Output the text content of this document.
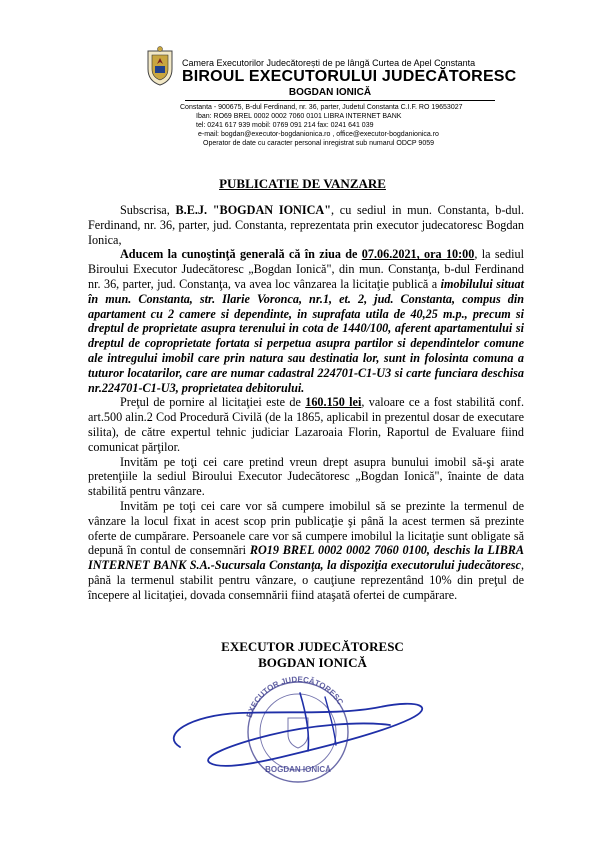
Camera Executorilor Judecătorești de pe lângă Curtea de Apel Constanta
BIROUL EXECUTORULUI JUDECĂTORESC
BOGDAN IONICĂ
Constanta - 900675, B-dul Ferdinand, nr. 36, parter, Judetul Constanta C.I.F. RO 19653027
Iban: RO69 BREL 0002 0002 7060 0101 LIBRA INTERNET BANK
tel: 0241 617 939 mobil: 0769 091 214 fax: 0241 641 039
e-mail: bogdan@executor-bogdanionica.ro , office@executor-bogdanionica.ro
Operator de date cu caracter personal inregistrat sub numarul ODCP 9059
PUBLICATIE DE VANZARE

Subscrisa, B.E.J. "BOGDAN IONICA", cu sediul in mun. Constanta, b-dul. Ferdinand, nr. 36, parter, jud. Constanta, reprezentata prin executor judecatoresc Bogdan Ionica,

Aducem la cunoştinţă generală că în ziua de 07.06.2021, ora 10:00, la sediul Biroului Executor Judecătoresc „Bogdan Ionică", din mun. Constanţa, b-dul Ferdinand nr. 36, parter, jud. Constanţa, va avea loc vânzarea la licitaţie publică a imobilului situat în mun. Constanta, str. Ilarie Voronca, nr.1, et. 2, jud. Constanta, compus din apartament cu 2 camere si dependinte, in suprafata utila de 40,25 m.p., precum si dreptul de proprietate asupra terenului in cota de 1440/100, aferent apartamentului si dreptul de coproprietate fortata si perpetua asupra partilor si dependintelor comune ale intregului imobil care prin natura sau destinatia lor, sunt in folosinta comuna a tuturor locatarilor, care are numar cadastral 224701-C1-U3 si carte funciara deschisa nr.224701-C1-U3, proprietatea debitorului.

Preţul de pornire al licitaţiei este de 160.150 lei, valoare ce a fost stabilită conf. art.500 alin.2 Cod Procedură Civilă (de la 1865, aplicabil in prezentul dosar de executare silita), de către expertul tehnic judiciar Lazaroaia Florin, Raportul de Evaluare fiind comunicat părţilor.

Invităm pe toţi cei care pretind vreun drept asupra bunului imobil să-şi arate pretenţiile la sediul Biroului Executor Judecătoresc „Bogdan Ionică", înainte de data stabilită pentru vânzare.

Invităm pe toţi cei care vor să cumpere imobilul să se prezinte la termenul de vânzare la locul fixat in acest scop prin publicaţie şi până la acest termen să prezinte oferte de cumpărare. Persoanele care vor să cumpere imobilul la licitaţie sunt obligate să depună în contul de consemnări RO19 BREL 0002 0002 7060 0100, deschis la LIBRA INTERNET BANK S.A.-Sucursala Constanţa, la dispoziţia executorului judecătoresc, până la termenul stabilit pentru vânzare, o cauţiune reprezentând 10% din preţul de începere al licitaţiei, dovada consemnării fiind ataşată ofertei de cumpărare.

EXECUTOR JUDECĂTORESC
BOGDAN IONICĂ
EXECUTOR JUDECĂTORESC
BOGDAN IONICĂ
